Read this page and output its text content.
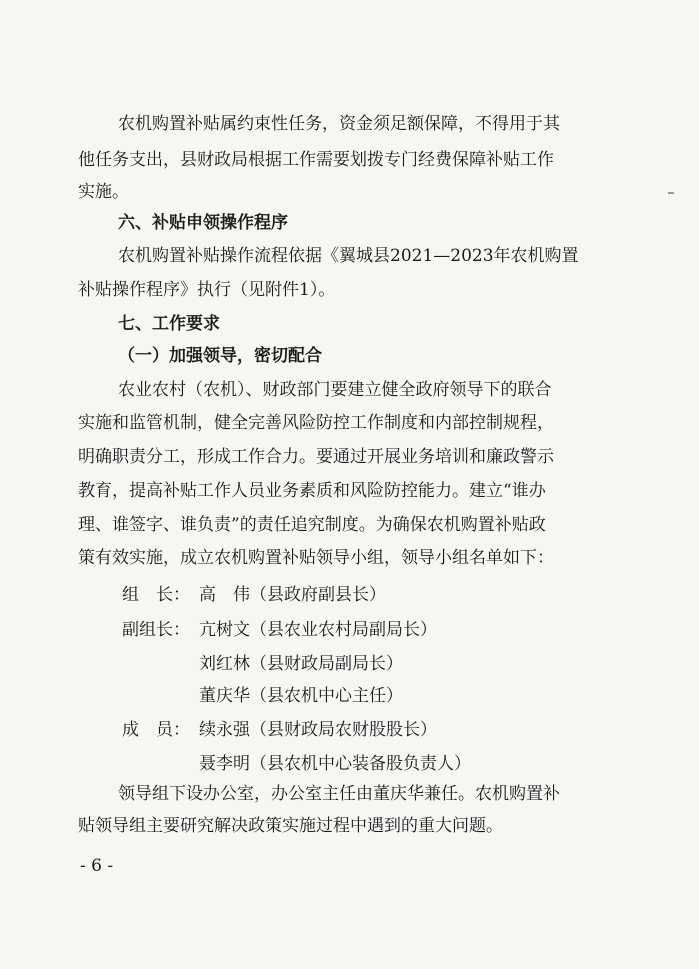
农机购置补贴属约束性任务，资金须足额保障，不得用于其
他任务支出，县财政局根据工作需要划拨专门经费保障补贴工作
实施。
六、补贴申领操作程序
农机购置补贴操作流程依据《翼城县2021—2023年农机购置
补贴操作程序》执行（见附件1）。
七、工作要求
（一）加强领导，密切配合
农业农村（农机）、财政部门要建立健全政府领导下的联合
实施和监管机制，健全完善风险防控工作制度和内部控制规程，
明确职责分工，形成工作合力。要通过开展业务培训和廉政警示
教育，提高补贴工作人员业务素质和风险防控能力。建立“谁办
理、谁签字、谁负责”的责任追究制度。为确保农机购置补贴政
策有效实施，成立农机购置补贴领导小组，领导小组名单如下：
组　长： 高　伟（县政府副县长）
副组长： 亢树文（县农业农村局副局长）
刘红林（县财政局副局长）
董庆华（县农机中心主任）
成　员： 续永强（县财政局农财股股长）
聂李明（县农机中心装备股负责人）
领导组下设办公室，办公室主任由董庆华兼任。农机购置补
贴领导组主要研究解决政策实施过程中遇到的重大问题。
- 6 -
